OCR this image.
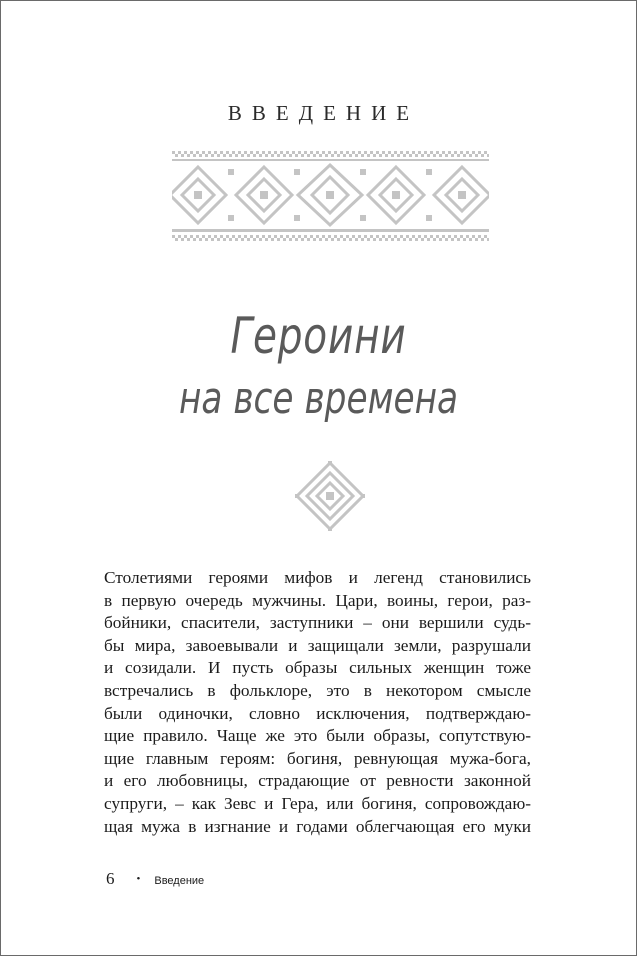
ВВЕДЕНИЕ
Героини
на все времена
Столетиями героями мифов и легенд становились
в первую очередь мужчины. Цари, воины, герои, раз-
бойники, спасители, заступники – они вершили судь-
бы мира, завоевывали и защищали земли, разрушали
и созидали. И пусть образы сильных женщин тоже
встречались в фольклоре, это в некотором смысле
были одиночки, словно исключения, подтверждаю-
щие правило. Чаще же это были образы, сопутствую-
щие главным героям: богиня, ревнующая мужа-бога,
и его любовницы, страдающие от ревности законной
супруги, – как Зевс и Гера, или богиня, сопровождаю-
щая мужа в изгнание и годами облегчающая его муки
6 • Введение
